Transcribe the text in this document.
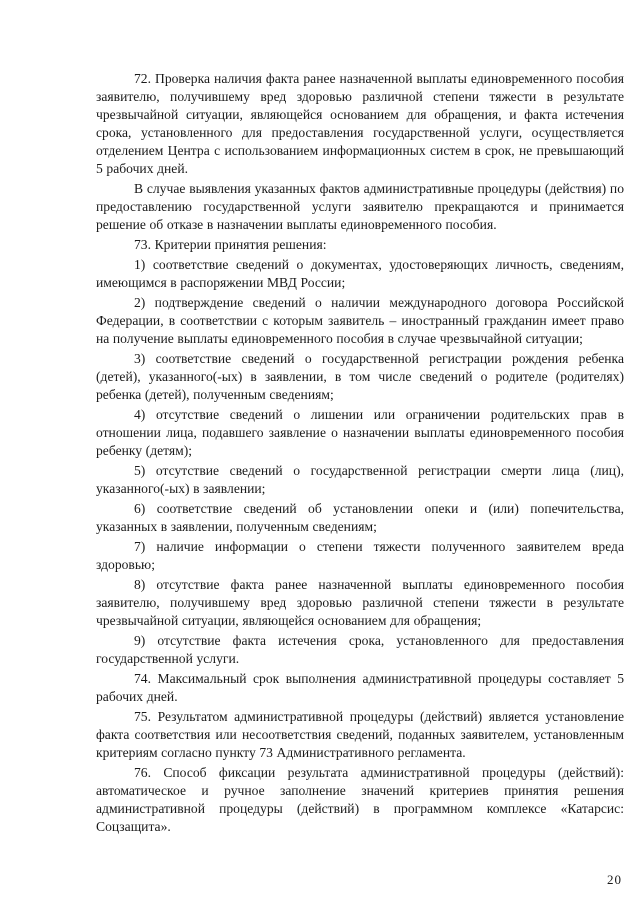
72. Проверка наличия факта ранее назначенной выплаты единовременного пособия заявителю, получившему вред здоровью различной степени тяжести в результате чрезвычайной ситуации, являющейся основанием для обращения, и факта истечения срока, установленного для предоставления государственной услуги, осуществляется отделением Центра с использованием информационных систем в срок, не превышающий 5 рабочих дней.

В случае выявления указанных фактов административные процедуры (действия) по предоставлению государственной услуги заявителю прекращаются и принимается решение об отказе в назначении выплаты единовременного пособия.

73. Критерии принятия решения:

1) соответствие сведений о документах, удостоверяющих личность, сведениям, имеющимся в распоряжении МВД России;

2) подтверждение сведений о наличии международного договора Российской Федерации, в соответствии с которым заявитель – иностранный гражданин имеет право на получение выплаты единовременного пособия в случае чрезвычайной ситуации;

3) соответствие сведений о государственной регистрации рождения ребенка (детей), указанного(-ых) в заявлении, в том числе сведений о родителе (родителях) ребенка (детей), полученным сведениям;

4) отсутствие сведений о лишении или ограничении родительских прав в отношении лица, подавшего заявление о назначении выплаты единовременного пособия ребенку (детям);

5) отсутствие сведений о государственной регистрации смерти лица (лиц), указанного(-ых) в заявлении;

6) соответствие сведений об установлении опеки и (или) попечительства, указанных в заявлении, полученным сведениям;

7) наличие информации о степени тяжести полученного заявителем вреда здоровью;

8) отсутствие факта ранее назначенной выплаты единовременного пособия заявителю, получившему вред здоровью различной степени тяжести в результате чрезвычайной ситуации, являющейся основанием для обращения;

9) отсутствие факта истечения срока, установленного для предоставления государственной услуги.

74. Максимальный срок выполнения административной процедуры составляет 5 рабочих дней.

75. Результатом административной процедуры (действий) является установление факта соответствия или несоответствия сведений, поданных заявителем, установленным критериям согласно пункту 73 Административного регламента.

76. Способ фиксации результата административной процедуры (действий): автоматическое и ручное заполнение значений критериев принятия решения административной процедуры (действий) в программном комплексе «Катарсис: Соцзащита».

20
